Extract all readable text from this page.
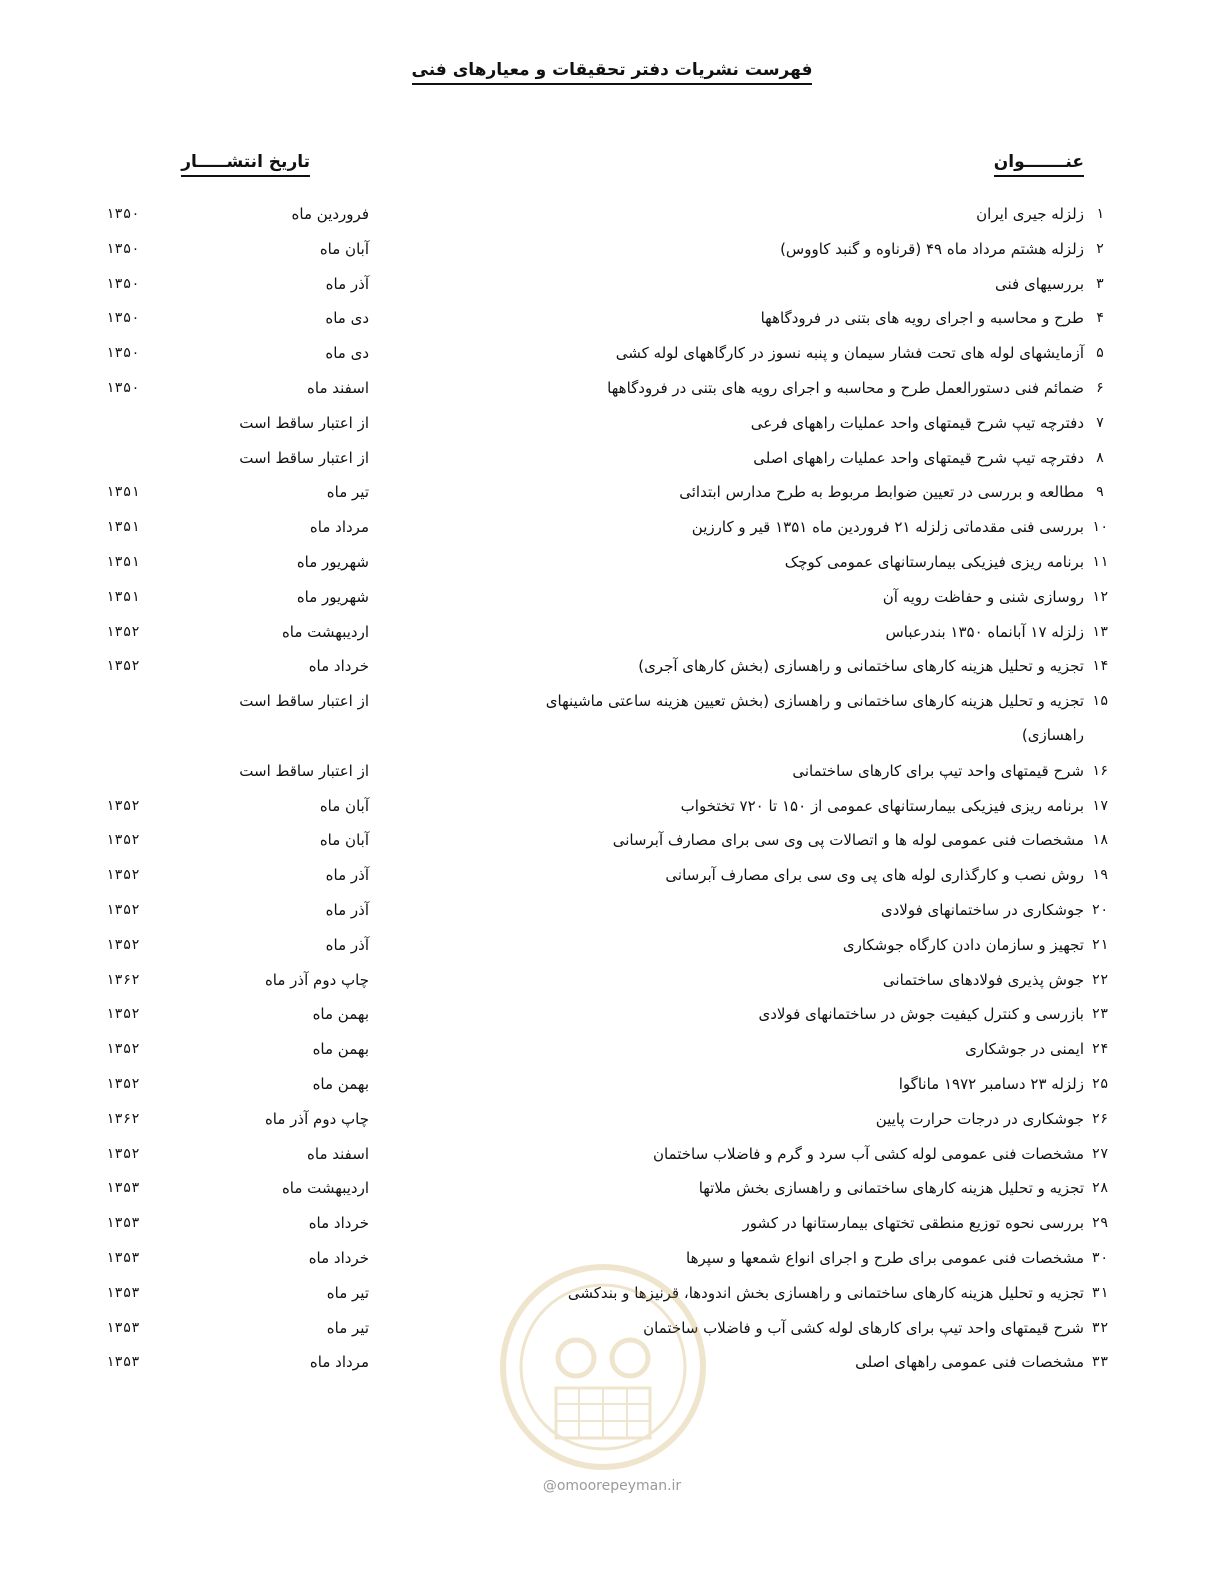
فهرست نشریات دفتر تحقیقات و معیارهای فنی
عنـــــــوان
تاریخ انتشـــــار
۱
زلزله جیری ایران
فروردین ماه
۱۳۵۰
۲
زلزله هشتم مرداد ماه ۴۹ (قرناوه و گنبد کاووس)
آبان ماه
۱۳۵۰
۳
بررسیهای فنی
آذر ماه
۱۳۵۰
۴
طرح و محاسبه و اجرای رویه های بتنی در فرودگاهها
دی ماه
۱۳۵۰
۵
آزمایشهای لوله های تحت فشار سیمان و پنبه نسوز در کارگاههای لوله کشی
دی ماه
۱۳۵۰
۶
ضمائم فنی دستورالعمل طرح و محاسبه و اجرای رویه های بتنی در فرودگاهها
اسفند ماه
۱۳۵۰
۷
دفترچه تیپ شرح قیمتهای واحد عملیات راههای فرعی
از اعتبار ساقط است
۸
دفترچه تیپ شرح قیمتهای واحد عملیات راههای اصلی
از اعتبار ساقط است
۹
مطالعه و بررسی در تعیین ضوابط مربوط به طرح مدارس ابتدائی
تیر ماه
۱۳۵۱
۱۰
بررسی فنی مقدماتی زلزله ۲۱ فروردین ماه ۱۳۵۱ قیر و کارزین
مرداد ماه
۱۳۵۱
۱۱
برنامه ریزی فیزیکی بیمارستانهای عمومی کوچک
شهریور ماه
۱۳۵۱
۱۲
روسازی شنی و حفاظت رویه آن
شهریور ماه
۱۳۵۱
۱۳
زلزله ۱۷ آبانماه ۱۳۵۰ بندرعباس
اردیبهشت ماه
۱۳۵۲
۱۴
تجزیه و تحلیل هزینه کارهای ساختمانی و راهسازی (بخش کارهای آجری)
خرداد ماه
۱۳۵۲
۱۵
تجزیه و تحلیل هزینه کارهای ساختمانی و راهسازی (بخش تعیین هزینه ساعتی ماشینهای راهسازی)
از اعتبار ساقط است
۱۶
شرح قیمتهای واحد تیپ برای کارهای ساختمانی
از اعتبار ساقط است
۱۷
برنامه ریزی فیزیکی بیمارستانهای عمومی از ۱۵۰ تا ۷۲۰ تختخواب
آبان ماه
۱۳۵۲
۱۸
مشخصات فنی عمومی لوله ها و اتصالات پی وی سی برای مصارف آبرسانی
آبان ماه
۱۳۵۲
۱۹
روش نصب و کارگذاری لوله های پی وی سی برای مصارف آبرسانی
آذر ماه
۱۳۵۲
۲۰
جوشکاری در ساختمانهای فولادی
آذر ماه
۱۳۵۲
۲۱
تجهیز و سازمان دادن کارگاه جوشکاری
آذر ماه
۱۳۵۲
۲۲
جوش پذیری فولادهای ساختمانی
چاپ دوم آذر ماه
۱۳۶۲
۲۳
بازرسی و کنترل کیفیت جوش در ساختمانهای فولادی
بهمن ماه
۱۳۵۲
۲۴
ایمنی در جوشکاری
بهمن ماه
۱۳۵۲
۲۵
زلزله ۲۳ دسامبر ۱۹۷۲ ماناگوا
بهمن ماه
۱۳۵۲
۲۶
جوشکاری در درجات حرارت پایین
چاپ دوم آذر ماه
۱۳۶۲
۲۷
مشخصات فنی عمومی لوله کشی آب سرد و گرم و فاضلاب ساختمان
اسفند ماه
۱۳۵۲
۲۸
تجزیه و تحلیل هزینه کارهای ساختمانی و راهسازی بخش ملاتها
اردیبهشت ماه
۱۳۵۳
۲۹
بررسی نحوه توزیع منطقی تختهای بیمارستانها در کشور
خرداد ماه
۱۳۵۳
۳۰
مشخصات فنی عمومی برای طرح و اجرای انواع شمعها و سپرها
خرداد ماه
۱۳۵۳
۳۱
تجزیه و تحلیل هزینه کارهای ساختمانی و راهسازی بخش اندودها، قرنیزها و بندکشی
تیر ماه
۱۳۵۳
۳۲
شرح قیمتهای واحد تیپ برای کارهای لوله کشی آب و فاضلاب ساختمان
تیر ماه
۱۳۵۳
۳۳
مشخصات فنی عمومی راههای اصلی
مرداد ماه
۱۳۵۳
@omoorepeyman.ir
